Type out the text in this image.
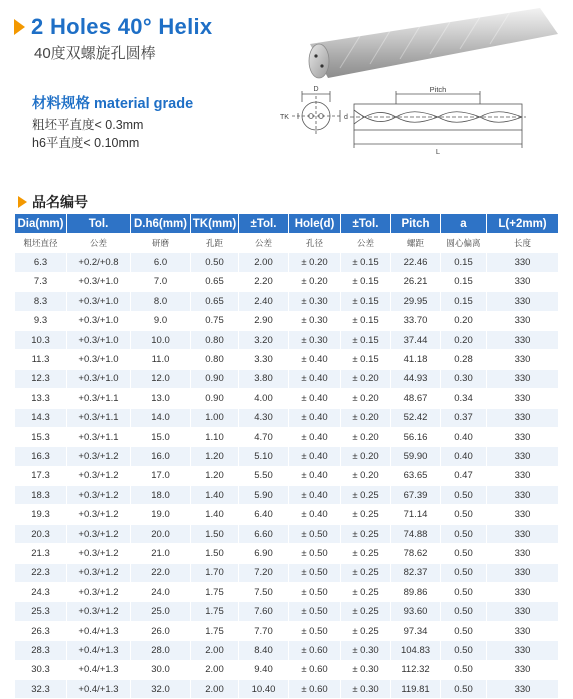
2 Holes 40° Helix
40度双螺旋孔圆棒
材料规格 material grade
粗坯平直度< 0.3mm
h6平直度< 0.10mm
D
TK	d
Pitch
L
品名编号
Dia(mm)	Tol.	D.h6(mm)	TK(mm)	±Tol.	Hole(d)	±Tol.	Pitch	a	L(+2mm)
粗坯直径	公差	研磨	孔距	公差	孔径	公差	螺距	圆心偏离	长度
6.3	+0.2/+0.8	6.0	0.50	2.00	± 0.20	± 0.15	22.46	0.15	330
7.3	+0.3/+1.0	7.0	0.65	2.20	± 0.20	± 0.15	26.21	0.15	330
8.3	+0.3/+1.0	8.0	0.65	2.40	± 0.30	± 0.15	29.95	0.15	330
9.3	+0.3/+1.0	9.0	0.75	2.90	± 0.30	± 0.15	33.70	0.20	330
10.3	+0.3/+1.0	10.0	0.80	3.20	± 0.30	± 0.15	37.44	0.20	330
11.3	+0.3/+1.0	11.0	0.80	3.30	± 0.40	± 0.15	41.18	0.28	330
12.3	+0.3/+1.0	12.0	0.90	3.80	± 0.40	± 0.20	44.93	0.30	330
13.3	+0.3/+1.1	13.0	0.90	4.00	± 0.40	± 0.20	48.67	0.34	330
14.3	+0.3/+1.1	14.0	1.00	4.30	± 0.40	± 0.20	52.42	0.37	330
15.3	+0.3/+1.1	15.0	1.10	4.70	± 0.40	± 0.20	56.16	0.40	330
16.3	+0.3/+1.2	16.0	1.20	5.10	± 0.40	± 0.20	59.90	0.40	330
17.3	+0.3/+1.2	17.0	1.20	5.50	± 0.40	± 0.20	63.65	0.47	330
18.3	+0.3/+1.2	18.0	1.40	5.90	± 0.40	± 0.25	67.39	0.50	330
19.3	+0.3/+1.2	19.0	1.40	6.40	± 0.40	± 0.25	71.14	0.50	330
20.3	+0.3/+1.2	20.0	1.50	6.60	± 0.50	± 0.25	74.88	0.50	330
21.3	+0.3/+1.2	21.0	1.50	6.90	± 0.50	± 0.25	78.62	0.50	330
22.3	+0.3/+1.2	22.0	1.70	7.20	± 0.50	± 0.25	82.37	0.50	330
24.3	+0.3/+1.2	24.0	1.75	7.50	± 0.50	± 0.25	89.86	0.50	330
25.3	+0.3/+1.2	25.0	1.75	7.60	± 0.50	± 0.25	93.60	0.50	330
26.3	+0.4/+1.3	26.0	1.75	7.70	± 0.50	± 0.25	97.34	0.50	330
28.3	+0.4/+1.3	28.0	2.00	8.40	± 0.60	± 0.30	104.83	0.50	330
30.3	+0.4/+1.3	30.0	2.00	9.40	± 0.60	± 0.30	112.32	0.50	330
32.3	+0.4/+1.3	32.0	2.00	10.40	± 0.60	± 0.30	119.81	0.50	330
